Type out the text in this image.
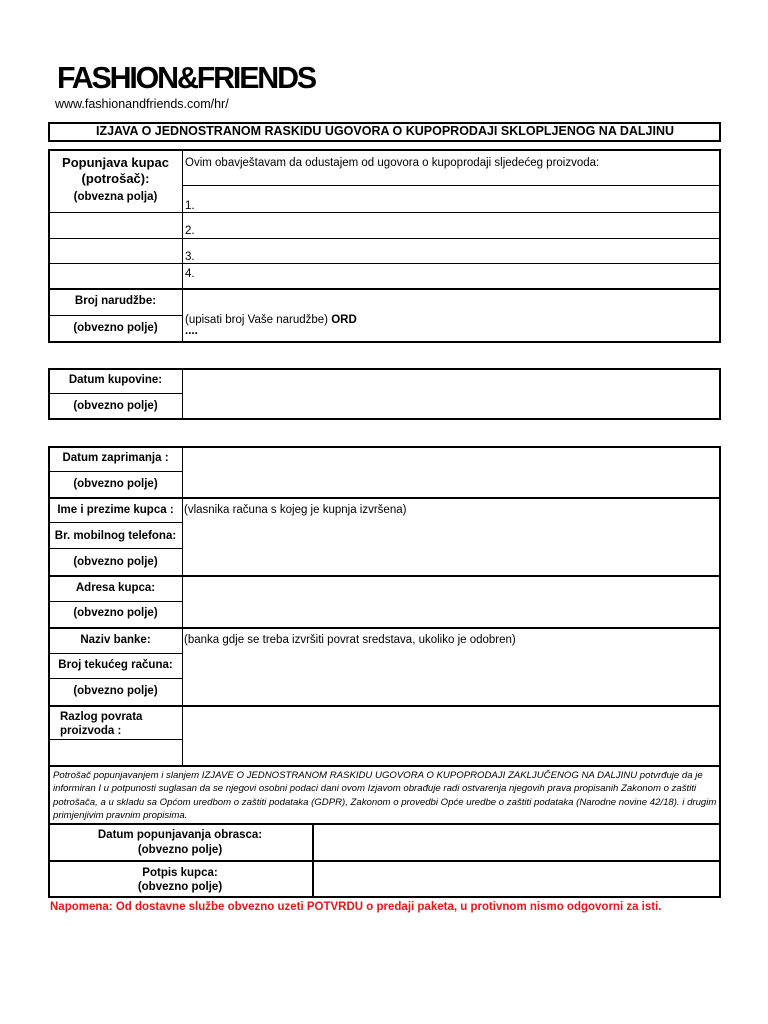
FASHION&FRIENDS
www.fashionandfriends.com/hr/
IZJAVA O JEDNOSTRANOM RASKIDU UGOVORA O KUPOPRODAJI SKLOPLJENOG NA DALJINU
Popunjava kupac (potrošač):
(obvezna polja)
Ovim obavještavam da odustajem od ugovora o kupoprodaji sljedećeg proizvoda:
1.
2.
3.
4.
Broj narudžbe:
(obvezno polje)
(upisati broj Vaše narudžbe) ORD
....
Datum kupovine:
(obvezno polje)
Datum zaprimanja :
(obvezno polje)
Ime i prezime kupca : (vlasnika računa s kojeg je kupnja izvršena)
Br. mobilnog telefona:
(obvezno polje)
Adresa kupca:
(obvezno polje)
Naziv banke:	(banka gdje se treba izvršiti povrat sredstava, ukoliko je odobren)
Broj tekućeg računa:
(obvezno polje)
Razlog povrata proizvoda :
Potrošač popunjavanjem i slanjem IZJAVE O JEDNOSTRANOM RASKIDU UGOVORA O KUPOPRODAJI ZAKLJUČENOG NA DALJINU potvrđuje da je informiran I u potpunosti suglasan da se njegovi osobni podaci dani ovom Izjavom obrađuje radi ostvarenja njegovih prava propisanih Zakonom o zaštiti potrošača, a u skladu sa Općom uredbom o zaštiti podataka (GDPR), Zakonom o provedbi Opće uredbe o zaštiti podataka (Narodne novine 42/18). i drugim primjenjivim pravnim propisima.
Datum popunjavanja obrasca:
(obvezno polje)
Potpis kupca:
(obvezno polje)
Napomena: Od dostavne službe obvezno uzeti POTVRDU o predaji paketa, u protivnom nismo odgovorni za isti.
